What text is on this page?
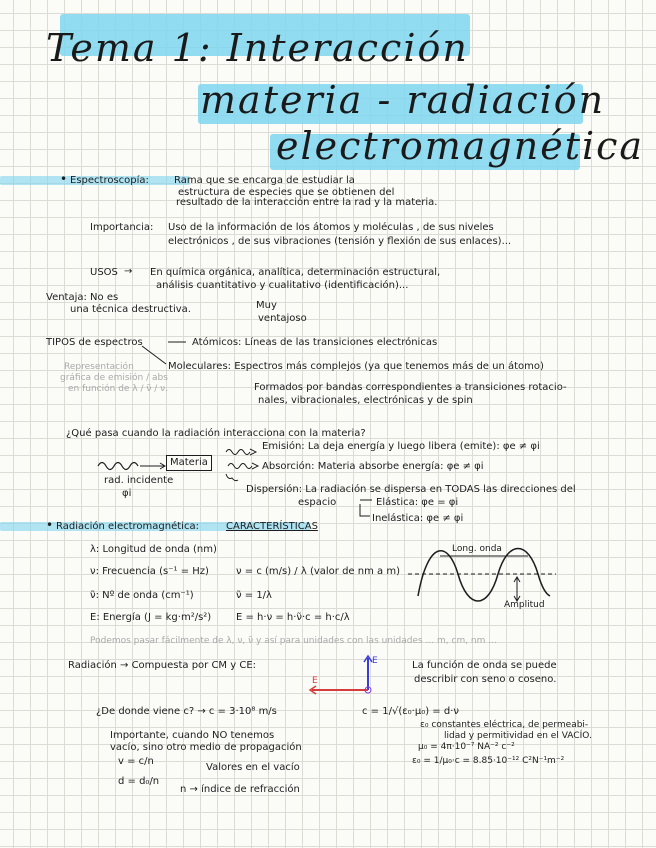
Tema 1: Interacción
materia - radiación
electromagnética
• Espectroscopía:	Rama que se encarga de estudiar la
estructura de especies que se obtienen del
resultado de la interacción entre la rad y la materia.
Importancia: Uso de la información de los átomos y moléculas , de sus niveles
electrónicos , de sus vibraciones (tensión y flexión de sus enlaces)...
USOS → En química orgánica, analítica, determinación estructural,
análisis cuantitativo y cualitativo (identificación)...
Ventaja: No es
una técnica destructiva.	Muy
ventajoso
TIPOS de espectros	Atómicos: Líneas de las transiciones electrónicas
Representación
gráfica de emisión / abs
en función de λ / ν̃ / ν.
Moleculares: Espectros más complejos (ya que tenemos más de un átomo)
Formados por bandas correspondientes a transiciones rotacio-
nales, vibracionales, electrónicas y de spin
¿Qué pasa cuando la radiación interacciona con la materia?
Materia
rad. incidente
φi
Emisión: La deja energía y luego libera (emite): φe ≠ φi
Absorción: Materia absorbe energía: φe ≠ φi
Dispersión: La radiación se dispersa en TODAS las direcciones del
espacio	Elástica: φe = φi
Inelástica: φe ≠ φi
• Radiación electromagnética:	CARACTERÍSTICAS
λ: Longitud de onda (nm)
ν: Frecuencia (s⁻¹ = Hz)	ν = c (m/s) / λ (valor de nm a m)
ν̃: Nº de onda (cm⁻¹)	ν̃ = 1/λ
E: Energía (J = kg·m²/s²) E = h·ν = h·ν̃·c = h·c/λ
Long. onda
Amplitud
Podemos pasar fácilmente de λ, ν, ν̃ y así para unidades con las unidades ... m, cm, nm ...
Radiación → Compuesta por CM y CE:	La función de onda se puede
describir con seno o coseno.
E
E
¿De donde viene c? → c = 3·10⁸ m/s	c = 1/√(ε₀·μ₀) = d·ν
ε₀ constantes eléctrica, de permeabi-
lidad y permitividad en el VACÍO.
μ₀ = 4π·10⁻⁷ NA⁻² c⁻²
ε₀ = 1/μ₀·c = 8.85·10⁻¹² C²N⁻¹m⁻²
Importante, cuando NO tenemos
vacío, sino otro medio de propagación
v = c/n
Valores en el vacío
d = d₀/n
n → índice de refracción
